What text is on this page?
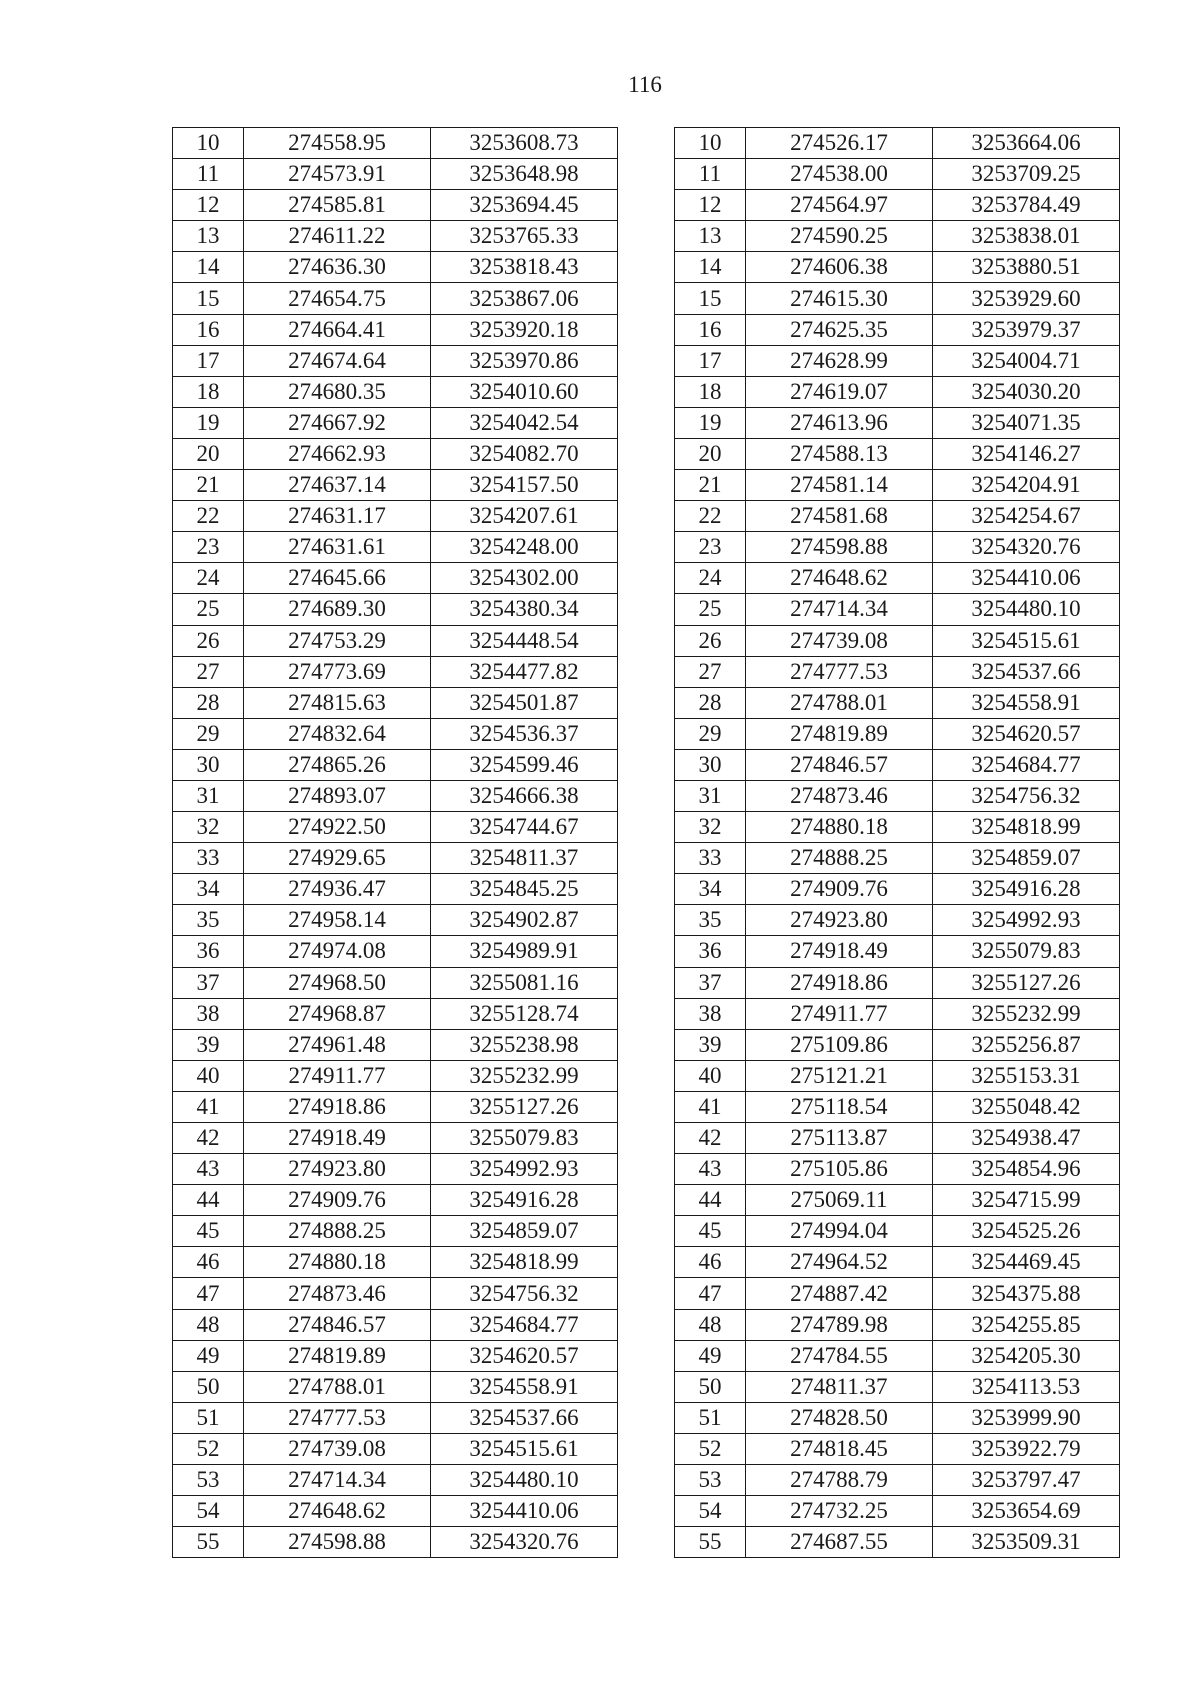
116
10	274558.95	3253608.73		10	274526.17	3253664.06
11	274573.91	3253648.98		11	274538.00	3253709.25
12	274585.81	3253694.45		12	274564.97	3253784.49
13	274611.22	3253765.33		13	274590.25	3253838.01
14	274636.30	3253818.43		14	274606.38	3253880.51
15	274654.75	3253867.06		15	274615.30	3253929.60
16	274664.41	3253920.18		16	274625.35	3253979.37
17	274674.64	3253970.86		17	274628.99	3254004.71
18	274680.35	3254010.60		18	274619.07	3254030.20
19	274667.92	3254042.54		19	274613.96	3254071.35
20	274662.93	3254082.70		20	274588.13	3254146.27
21	274637.14	3254157.50		21	274581.14	3254204.91
22	274631.17	3254207.61		22	274581.68	3254254.67
23	274631.61	3254248.00		23	274598.88	3254320.76
24	274645.66	3254302.00		24	274648.62	3254410.06
25	274689.30	3254380.34		25	274714.34	3254480.10
26	274753.29	3254448.54		26	274739.08	3254515.61
27	274773.69	3254477.82		27	274777.53	3254537.66
28	274815.63	3254501.87		28	274788.01	3254558.91
29	274832.64	3254536.37		29	274819.89	3254620.57
30	274865.26	3254599.46		30	274846.57	3254684.77
31	274893.07	3254666.38		31	274873.46	3254756.32
32	274922.50	3254744.67		32	274880.18	3254818.99
33	274929.65	3254811.37		33	274888.25	3254859.07
34	274936.47	3254845.25		34	274909.76	3254916.28
35	274958.14	3254902.87		35	274923.80	3254992.93
36	274974.08	3254989.91		36	274918.49	3255079.83
37	274968.50	3255081.16		37	274918.86	3255127.26
38	274968.87	3255128.74		38	274911.77	3255232.99
39	274961.48	3255238.98		39	275109.86	3255256.87
40	274911.77	3255232.99		40	275121.21	3255153.31
41	274918.86	3255127.26		41	275118.54	3255048.42
42	274918.49	3255079.83		42	275113.87	3254938.47
43	274923.80	3254992.93		43	275105.86	3254854.96
44	274909.76	3254916.28		44	275069.11	3254715.99
45	274888.25	3254859.07		45	274994.04	3254525.26
46	274880.18	3254818.99		46	274964.52	3254469.45
47	274873.46	3254756.32		47	274887.42	3254375.88
48	274846.57	3254684.77		48	274789.98	3254255.85
49	274819.89	3254620.57		49	274784.55	3254205.30
50	274788.01	3254558.91		50	274811.37	3254113.53
51	274777.53	3254537.66		51	274828.50	3253999.90
52	274739.08	3254515.61		52	274818.45	3253922.79
53	274714.34	3254480.10		53	274788.79	3253797.47
54	274648.62	3254410.06		54	274732.25	3253654.69
55	274598.88	3254320.76		55	274687.55	3253509.31
